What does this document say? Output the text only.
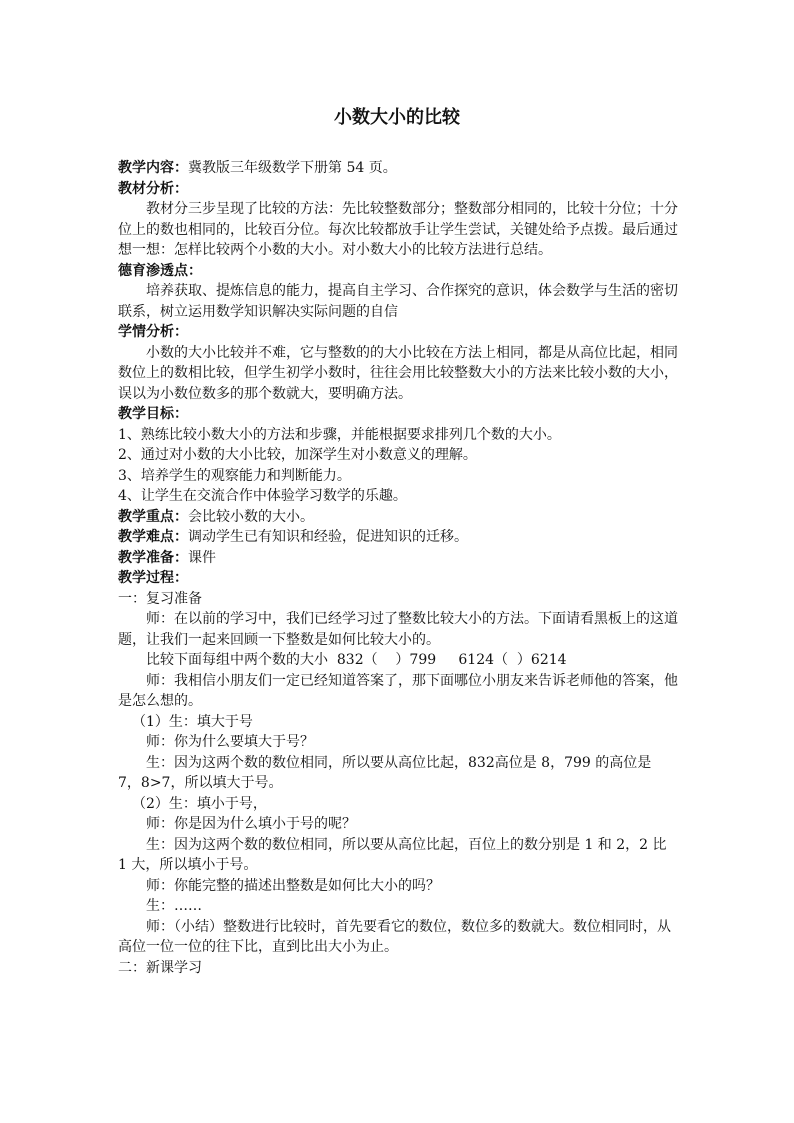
小数大小的比较

教学内容：冀教版三年级数学下册第 54 页。

教材分析：

教材分三步呈现了比较的方法：先比较整数部分；整数部分相同的，比较十分位；十分位上的数也相同的，比较百分位。每次比较都放手让学生尝试，关键处给予点拨。最后通过想一想：怎样比较两个小数的大小。对小数大小的比较方法进行总结。

德育渗透点：

培养获取、提炼信息的能力，提高自主学习、合作探究的意识，体会数学与生活的密切联系，树立运用数学知识解决实际问题的自信

学情分析：

小数的大小比较并不难，它与整数的的大小比较在方法上相同，都是从高位比起，相同数位上的数相比较，但学生初学小数时，往往会用比较整数大小的方法来比较小数的大小，误以为小数位数多的那个数就大，要明确方法。

教学目标：

1、熟练比较小数大小的方法和步骤，并能根据要求排列几个数的大小。

2、通过对小数的大小比较，加深学生对小数意义的理解。

3、培养学生的观察能力和判断能力。

4、让学生在交流合作中体验学习数学的乐趣。

教学重点：会比较小数的大小。

教学难点：调动学生已有知识和经验，促进知识的迁移。

教学准备：课件

教学过程：

一：复习准备

师：在以前的学习中，我们已经学习过了整数比较大小的方法。下面请看黑板上的这道题，让我们一起来回顾一下整数是如何比较大小的。

比较下面每组中两个数的大小  832（    ）799     6124（  ）6214

师：我相信小朋友们一定已经知道答案了，那下面哪位小朋友来告诉老师他的答案，他是怎么想的。

（1）生：填大于号

师：你为什么要填大于号？

生：因为这两个数的数位相同，所以要从高位比起，832高位是 8，799 的高位是 7，8>7，所以填大于号。

（2）生：填小于号，

师：你是因为什么填小于号的呢？

生：因为这两个数的数位相同，所以要从高位比起，百位上的数分别是 1 和 2，2 比 1 大，所以填小于号。

师：你能完整的描述出整数是如何比大小的吗？

生：……

师：（小结）整数进行比较时，首先要看它的数位，数位多的数就大。数位相同时，从高位一位一位的往下比，直到比出大小为止。

二：新课学习
